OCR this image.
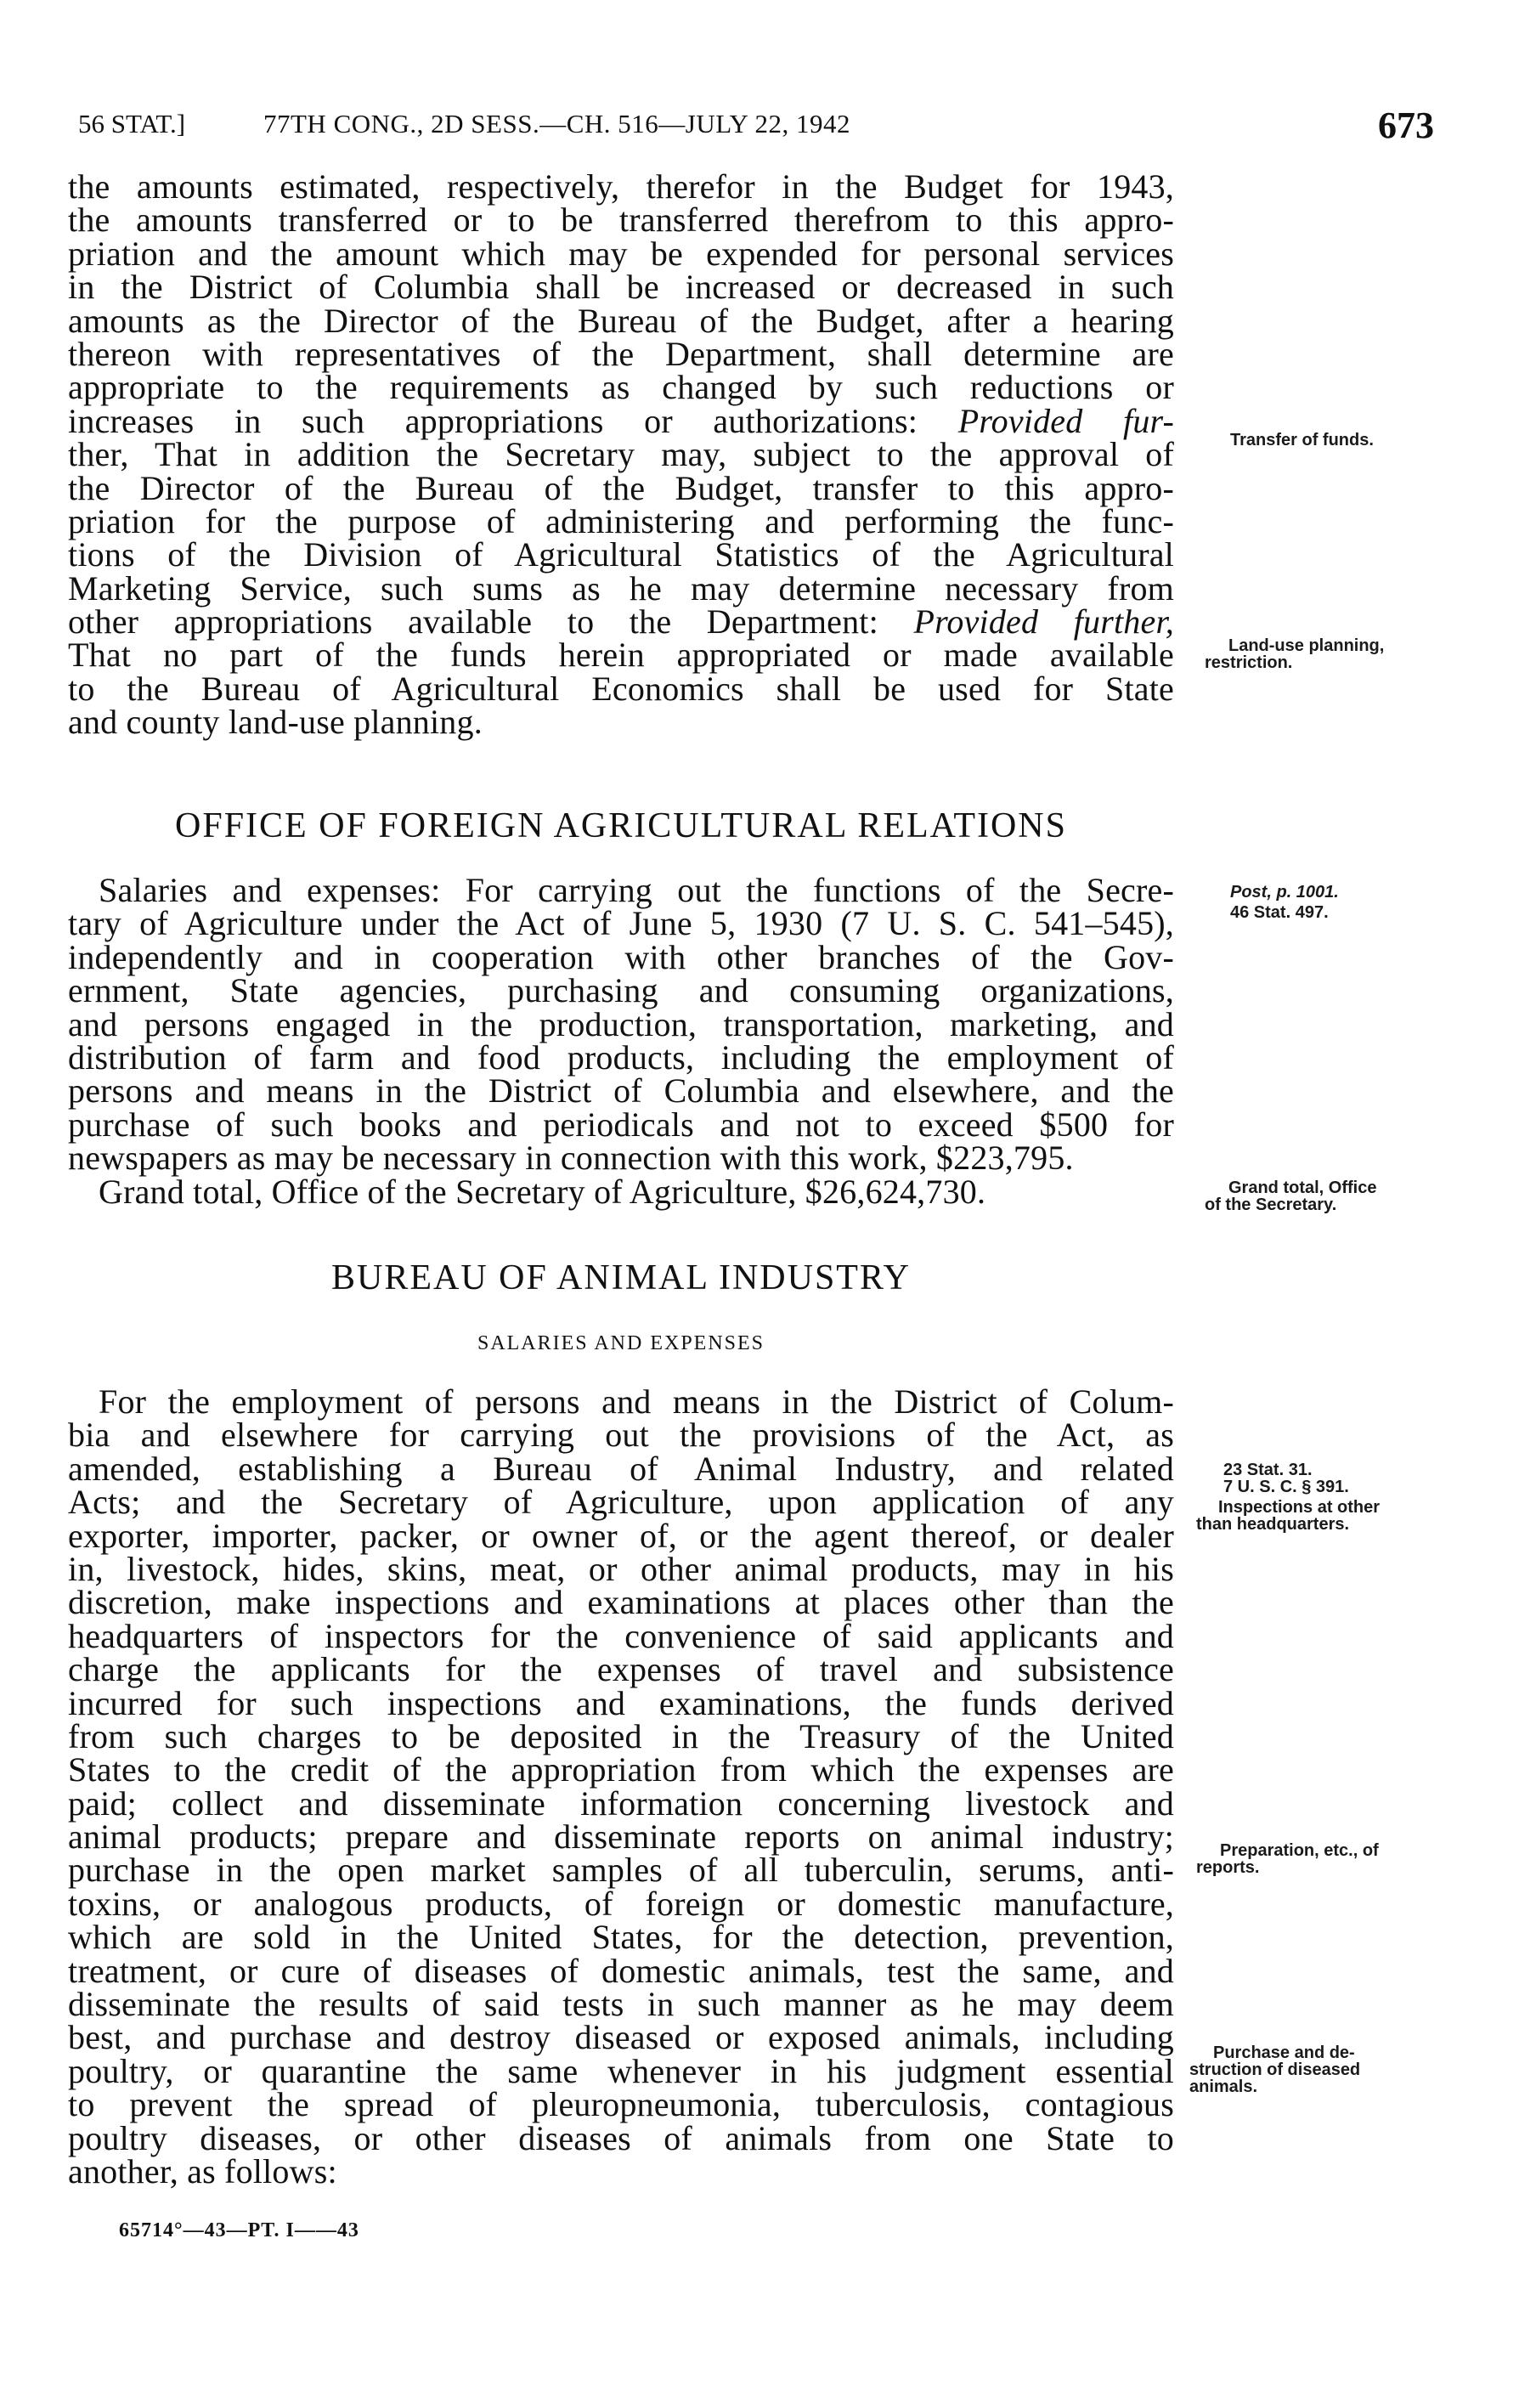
56 STAT.]	77TH CONG., 2D SESS.—CH. 516—JULY 22, 1942	673
the amounts estimated, respectively, therefor in the Budget for 1943,
the amounts transferred or to be transferred therefrom to this appro-
priation and the amount which may be expended for personal services
in the District of Columbia shall be increased or decreased in such
amounts as the Director of the Bureau of the Budget, after a hearing
thereon with representatives of the Department, shall determine are
appropriate to the requirements as changed by such reductions or
increases in such appropriations or authorizations: Provided fur-
ther, That in addition the Secretary may, subject to the approval of
the Director of the Bureau of the Budget, transfer to this appro-
priation for the purpose of administering and performing the func-
tions of the Division of Agricultural Statistics of the Agricultural
Marketing Service, such sums as he may determine necessary from
other appropriations available to the Department: Provided further,
That no part of the funds herein appropriated or made available
to the Bureau of Agricultural Economics shall be used for State
and county land-use planning.
OFFICE OF FOREIGN AGRICULTURAL RELATIONS
Salaries and expenses: For carrying out the functions of the Secre-
tary of Agriculture under the Act of June 5, 1930 (7 U. S. C. 541–545),
independently and in cooperation with other branches of the Gov-
ernment, State agencies, purchasing and consuming organizations,
and persons engaged in the production, transportation, marketing, and
distribution of farm and food products, including the employment of
persons and means in the District of Columbia and elsewhere, and the
purchase of such books and periodicals and not to exceed $500 for
newspapers as may be necessary in connection with this work, $223,795.
Grand total, Office of the Secretary of Agriculture, $26,624,730.
BUREAU OF ANIMAL INDUSTRY
SALARIES AND EXPENSES
For the employment of persons and means in the District of Colum-
bia and elsewhere for carrying out the provisions of the Act, as
amended, establishing a Bureau of Animal Industry, and related
Acts; and the Secretary of Agriculture, upon application of any
exporter, importer, packer, or owner of, or the agent thereof, or dealer
in, livestock, hides, skins, meat, or other animal products, may in his
discretion, make inspections and examinations at places other than the
headquarters of inspectors for the convenience of said applicants and
charge the applicants for the expenses of travel and subsistence
incurred for such inspections and examinations, the funds derived
from such charges to be deposited in the Treasury of the United
States to the credit of the appropriation from which the expenses are
paid; collect and disseminate information concerning livestock and
animal products; prepare and disseminate reports on animal industry;
purchase in the open market samples of all tuberculin, serums, anti-
toxins, or analogous products, of foreign or domestic manufacture,
which are sold in the United States, for the detection, prevention,
treatment, or cure of diseases of domestic animals, test the same, and
disseminate the results of said tests in such manner as he may deem
best, and purchase and destroy diseased or exposed animals, including
poultry, or quarantine the same whenever in his judgment essential
to prevent the spread of pleuropneumonia, tuberculosis, contagious
poultry diseases, or other diseases of animals from one State to
another, as follows:
Transfer of funds.
Land-use planning,
restriction.
Post, p. 1001.
46 Stat. 497.
Grand total, Office
of the Secretary.
23 Stat. 31.
7 U. S. C. § 391.
Inspections at other
than headquarters.
Preparation, etc., of
reports.
Purchase and de-
struction of diseased
animals.
65714°—43—PT. I——43
